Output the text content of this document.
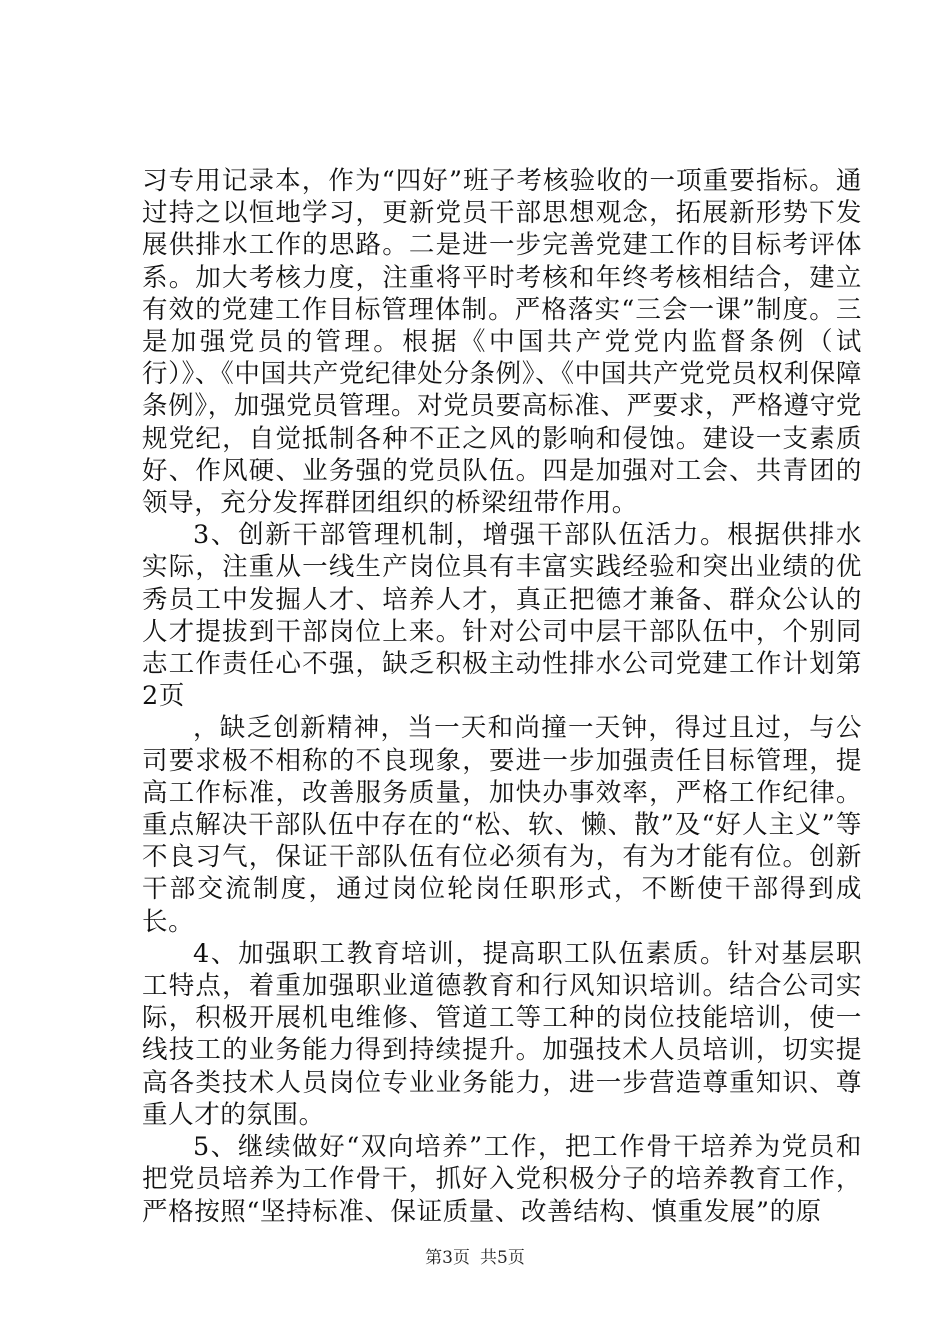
习专用记录本，作为“四好”班子考核验收的一项重要指标。通过持之以恒地学习，更新党员干部思想观念，拓展新形势下发展供排水工作的思路。二是进一步完善党建工作的目标考评体系。加大考核力度，注重将平时考核和年终考核相结合，建立有效的党建工作目标管理体制。严格落实“三会一课”制度。三是加强党员的管理。根据《中国共产党党内监督条例（试行）》、《中国共产党纪律处分条例》、《中国共产党党员权利保障条例》，加强党员管理。对党员要高标准、严要求，严格遵守党规党纪，自觉抵制各种不正之风的影响和侵蚀。建设一支素质好、作风硬、业务强的党员队伍。四是加强对工会、共青团的领导，充分发挥群团组织的桥梁纽带作用。

3、创新干部管理机制，增强干部队伍活力。根据供排水实际，注重从一线生产岗位具有丰富实践经验和突出业绩的优秀员工中发掘人才、培养人才，真正把德才兼备、群众公认的人才提拔到干部岗位上来。针对公司中层干部队伍中，个别同志工作责任心不强，缺乏积极主动性排水公司党建工作计划第2页

，缺乏创新精神，当一天和尚撞一天钟，得过且过，与公司要求极不相称的不良现象，要进一步加强责任目标管理，提高工作标准，改善服务质量，加快办事效率，严格工作纪律。重点解决干部队伍中存在的“松、软、懒、散”及“好人主义”等不良习气，保证干部队伍有位必须有为，有为才能有位。创新干部交流制度，通过岗位轮岗任职形式，不断使干部得到成长。

4、加强职工教育培训，提高职工队伍素质。针对基层职工特点，着重加强职业道德教育和行风知识培训。结合公司实际，积极开展机电维修、管道工等工种的岗位技能培训，使一线技工的业务能力得到持续提升。加强技术人员培训，切实提高各类技术人员岗位专业业务能力，进一步营造尊重知识、尊重人才的氛围。

5、继续做好“双向培养”工作，把工作骨干培养为党员和把党员培养为工作骨干，抓好入党积极分子的培养教育工作，严格按照“坚持标准、保证质量、改善结构、慎重发展”的原

第3页 共5页
